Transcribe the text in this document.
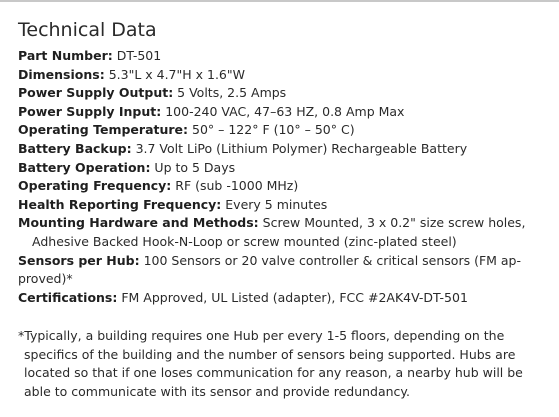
Technical Data
Part Number: DT-501
Dimensions: 5.3"L x 4.7"H x 1.6"W
Power Supply Output: 5 Volts, 2.5 Amps
Power Supply Input: 100-240 VAC, 47–63 HZ, 0.8 Amp Max
Operating Temperature: 50° – 122° F (10° – 50° C)
Battery Backup: 3.7 Volt LiPo (Lithium Polymer) Rechargeable Battery
Battery Operation: Up to 5 Days
Operating Frequency: RF (sub -1000 MHz)
Health Reporting Frequency: Every 5 minutes
Mounting Hardware and Methods: Screw Mounted, 3 x 0.2" size screw holes,
Adhesive Backed Hook-N-Loop or screw mounted (zinc-plated steel)
Sensors per Hub: 100 Sensors or 20 valve controller & critical sensors (FM ap-
proved)*
Certifications: FM Approved, UL Listed (adapter), FCC #2AK4V-DT-501
*Typically, a building requires one Hub per every 1-5 floors, depending on the
specifics of the building and the number of sensors being supported. Hubs are
located so that if one loses communication for any reason, a nearby hub will be
able to communicate with its sensor and provide redundancy.
